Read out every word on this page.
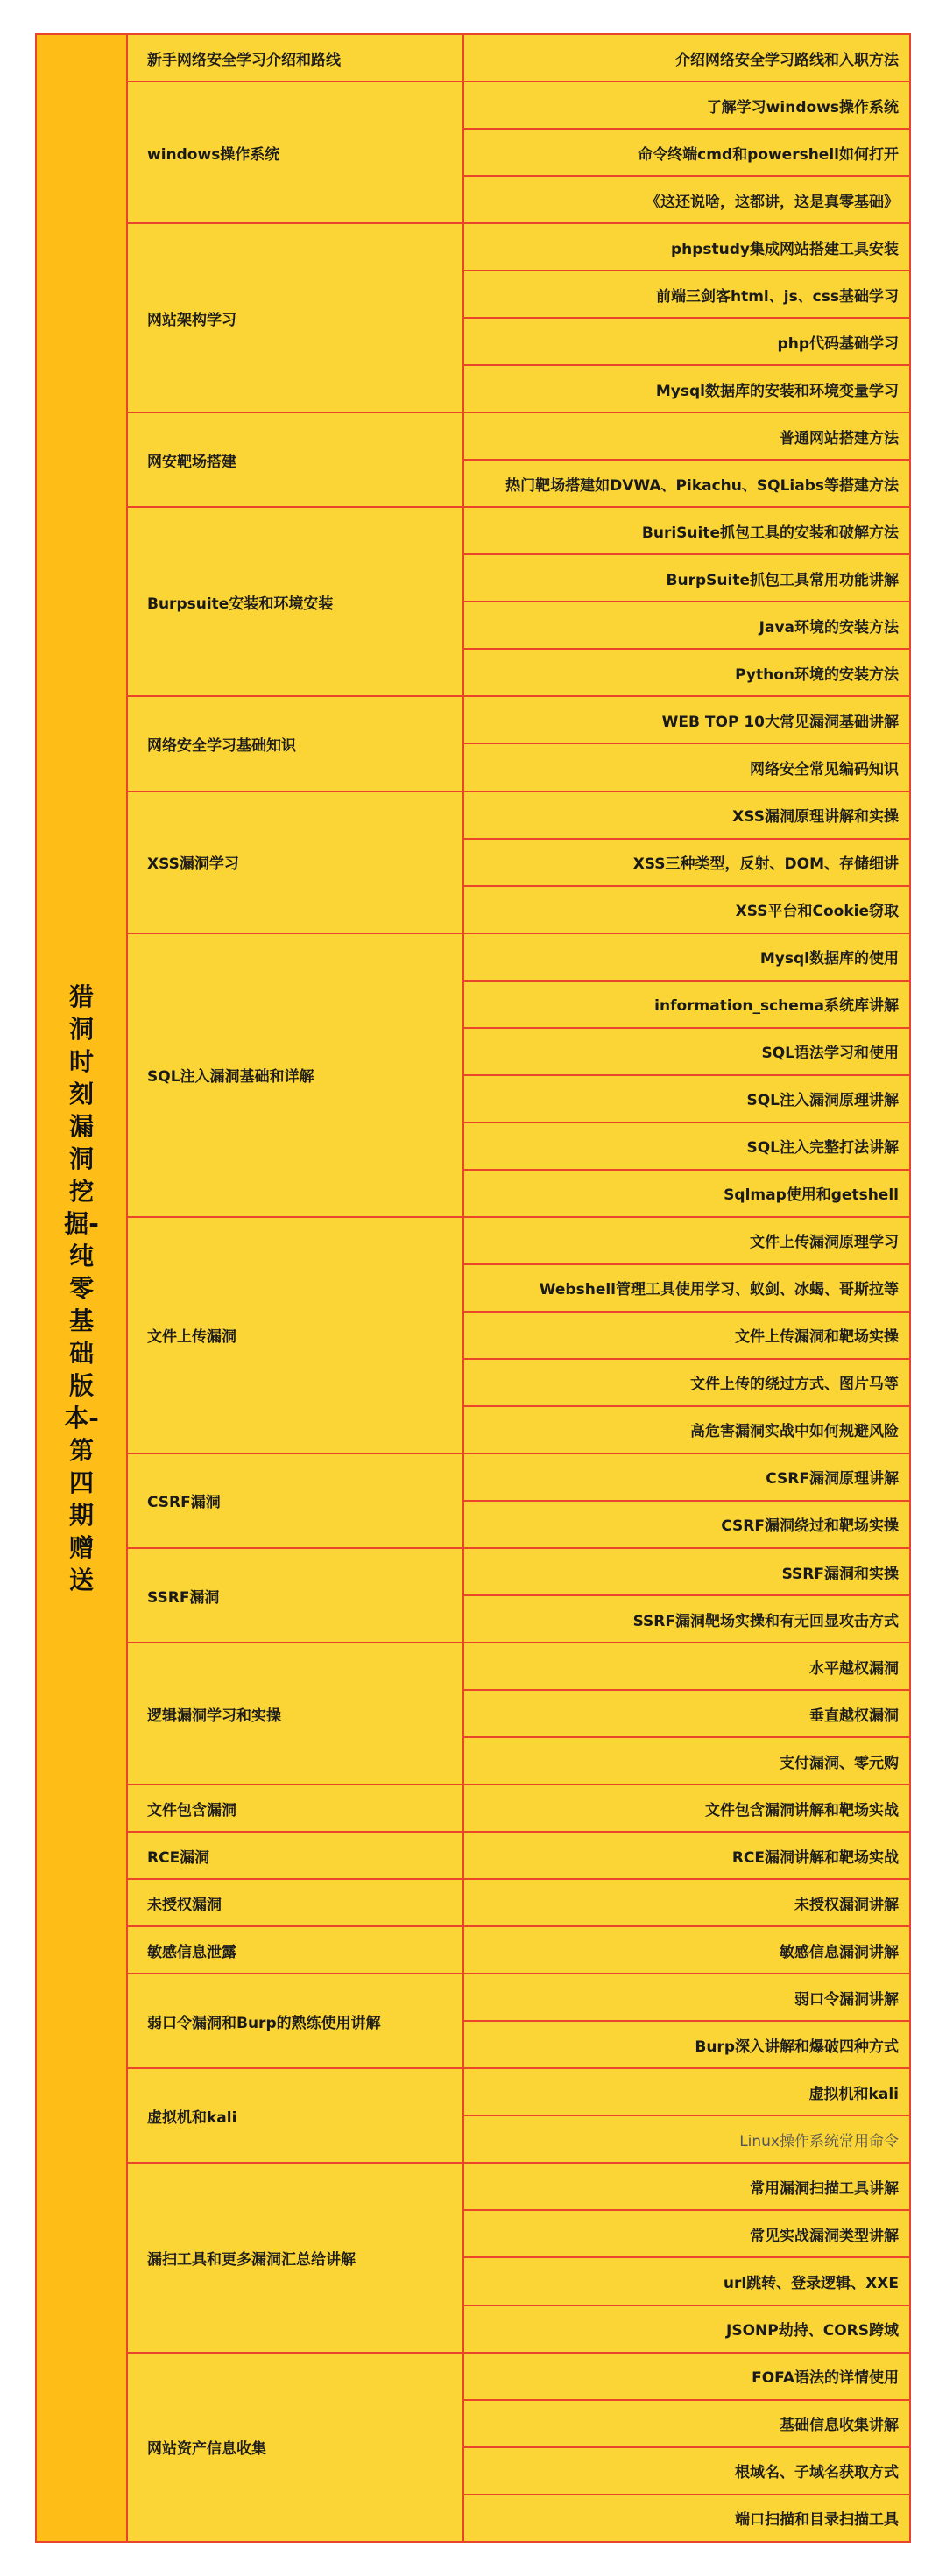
猎洞时刻漏洞挖掘-纯零基础版本-第四期赠送	新手网络安全学习介绍和路线	介绍网络安全学习路线和入职方法
	windows操作系统	了解学习windows操作系统
		命令终端cmd和powershell如何打开
		《这还说啥，这都讲，这是真零基础》
	网站架构学习	phpstudy集成网站搭建工具安装
		前端三剑客html、js、css基础学习
		php代码基础学习
		Mysql数据库的安装和环境变量学习
	网安靶场搭建	普通网站搭建方法
		热门靶场搭建如DVWA、Pikachu、SQLiabs等搭建方法
	Burpsuite安装和环境安装	BuriSuite抓包工具的安装和破解方法
		BurpSuite抓包工具常用功能讲解
		Java环境的安装方法
		Python环境的安装方法
	网络安全学习基础知识	WEB TOP 10大常见漏洞基础讲解
		网络安全常见编码知识
	XSS漏洞学习	XSS漏洞原理讲解和实操
		XSS三种类型，反射、DOM、存储细讲
		XSS平台和Cookie窃取
	SQL注入漏洞基础和详解	Mysql数据库的使用
		information_schema系统库讲解
		SQL语法学习和使用
		SQL注入漏洞原理讲解
		SQL注入完整打法讲解
		Sqlmap使用和getshell
	文件上传漏洞	文件上传漏洞原理学习
		Webshell管理工具使用学习、蚁剑、冰蝎、哥斯拉等
		文件上传漏洞和靶场实操
		文件上传的绕过方式、图片马等
		高危害漏洞实战中如何规避风险
	CSRF漏洞	CSRF漏洞原理讲解
		CSRF漏洞绕过和靶场实操
	SSRF漏洞	SSRF漏洞和实操
		SSRF漏洞靶场实操和有无回显攻击方式
	逻辑漏洞学习和实操	水平越权漏洞
		垂直越权漏洞
		支付漏洞、零元购
	文件包含漏洞	文件包含漏洞讲解和靶场实战
	RCE漏洞	RCE漏洞讲解和靶场实战
	未授权漏洞	未授权漏洞讲解
	敏感信息泄露	敏感信息漏洞讲解
	弱口令漏洞和Burp的熟练使用讲解	弱口令漏洞讲解
		Burp深入讲解和爆破四种方式
	虚拟机和kali	虚拟机和kali
		Linux操作系统常用命令
	漏扫工具和更多漏洞汇总给讲解	常用漏洞扫描工具讲解
		常见实战漏洞类型讲解
		url跳转、登录逻辑、XXE
		JSONP劫持、CORS跨域
	网站资产信息收集	FOFA语法的详情使用
		基础信息收集讲解
		根域名、子域名获取方式
		端口扫描和目录扫描工具
